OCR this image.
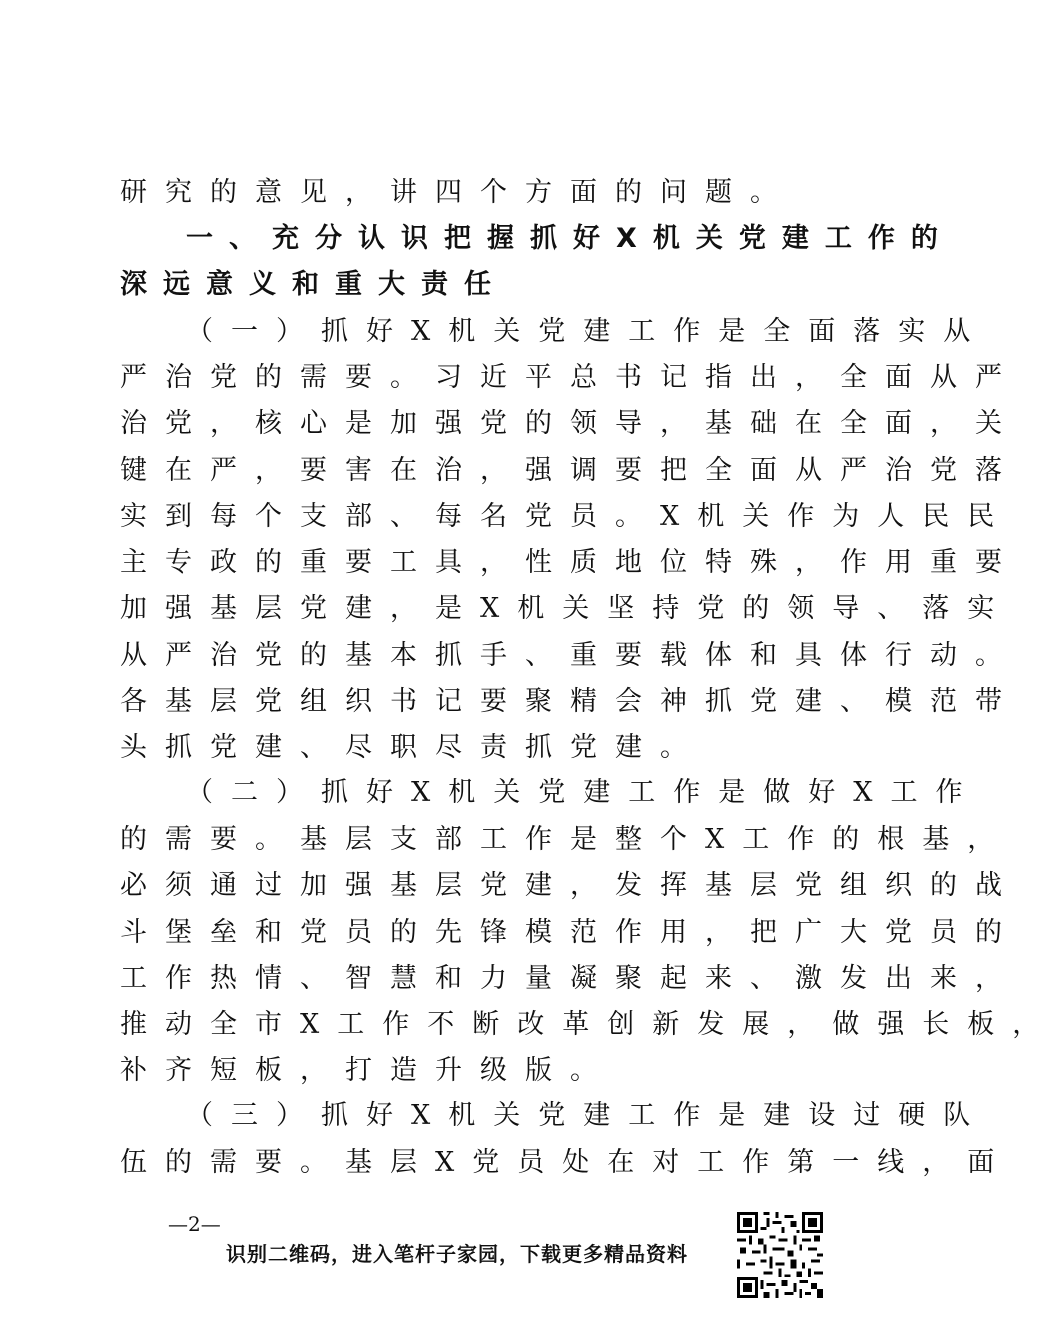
研究的意见，讲四个方面的问题。
一、充分认识把握抓好X机关党建工作的
深远意义和重大责任
（一）抓好X机关党建工作是全面落实从
严治党的需要。习近平总书记指出，全面从严
治党，核心是加强党的领导，基础在全面，关
键在严，要害在治，强调要把全面从严治党落
实到每个支部、每名党员。X机关作为人民民
主专政的重要工具，性质地位特殊，作用重要
加强基层党建，是X机关坚持党的领导、落实
从严治党的基本抓手、重要载体和具体行动。
各基层党组织书记要聚精会神抓党建、模范带
头抓党建、尽职尽责抓党建。
（二）抓好X机关党建工作是做好X工作
的需要。基层支部工作是整个X工作的根基，
必须通过加强基层党建，发挥基层党组织的战
斗堡垒和党员的先锋模范作用，把广大党员的
工作热情、智慧和力量凝聚起来、激发出来，
推动全市X工作不断改革创新发展，做强长板，
补齐短板，打造升级版。
（三）抓好X机关党建工作是建设过硬队
伍的需要。基层X党员处在对工作第一线，面
—2—
识别二维码，进入笔杆子家园，下载更多精品资料
